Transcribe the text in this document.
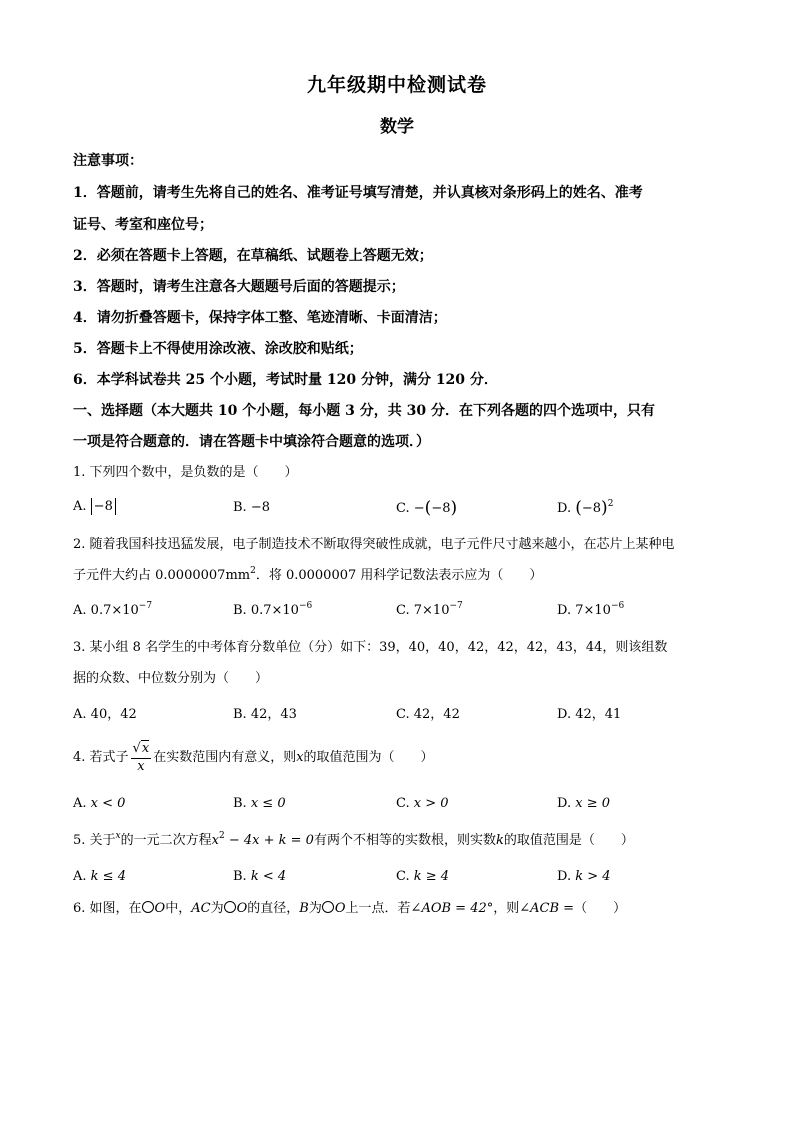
九年级期中检测试卷
数学
注意事项：
1．答题前，请考生先将自己的姓名、准考证号填写清楚，并认真核对条形码上的姓名、准考
证号、考室和座位号；
2．必须在答题卡上答题，在草稿纸、试题卷上答题无效；
3．答题时，请考生注意各大题题号后面的答题提示；
4．请勿折叠答题卡，保持字体工整、笔迹清晰、卡面清洁；
5．答题卡上不得使用涂改液、涂改胶和贴纸；
6．本学科试卷共 25 个小题，考试时量 120 分钟，满分 120 分．
一、选择题（本大题共 10 个小题，每小题 3 分，共 30 分．在下列各题的四个选项中，只有
一项是符合题意的．请在答题卡中填涂符合题意的选项．）
1. 下列四个数中，是负数的是（　　）
A. −8	B. −8	C. −(−8)	D. $(-8)^2$
2. 随着我国科技迅猛发展，电子制造技术不断取得突破性成就，电子元件尺寸越来越小，在芯片上某种电
子元件大约占 $0.0000007mm^2$．将 0.0000007 用科学记数法表示应为（　　）
A. $0.7\times 10^{-7}$	B. $0.7\times 10^{-6}$	C. $7\times 10^{-7}$	D. $7\times 10^{-6}$
3. 某小组 8 名学生的中考体育分数单位（分）如下：39，40，40，42，42，42，43，44，则该组数
据的众数、中位数分别为（　　）
A. 40，42	B. 42，43	C. 42，42	D. 42，41
4. 若式子 $\frac{√x}{x}$ 在实数范围内有意义，则x的取值范围为（　　）
A. x < 0	B. x ≤ 0	C. x > 0	D. x ≥ 0
5. 关于$^x$的一元二次方程$x^2 - 4x + k = 0$有两个不相等的实数根，则实数k的取值范围是（　　）
A. k ≤ 4	B. k < 4	C. k ≥ 4	D. k > 4
6. 如图，在 O中，AC为 O的直径，B为 O上一点．若∠AOB = 42°，则∠ACB =（　　）
